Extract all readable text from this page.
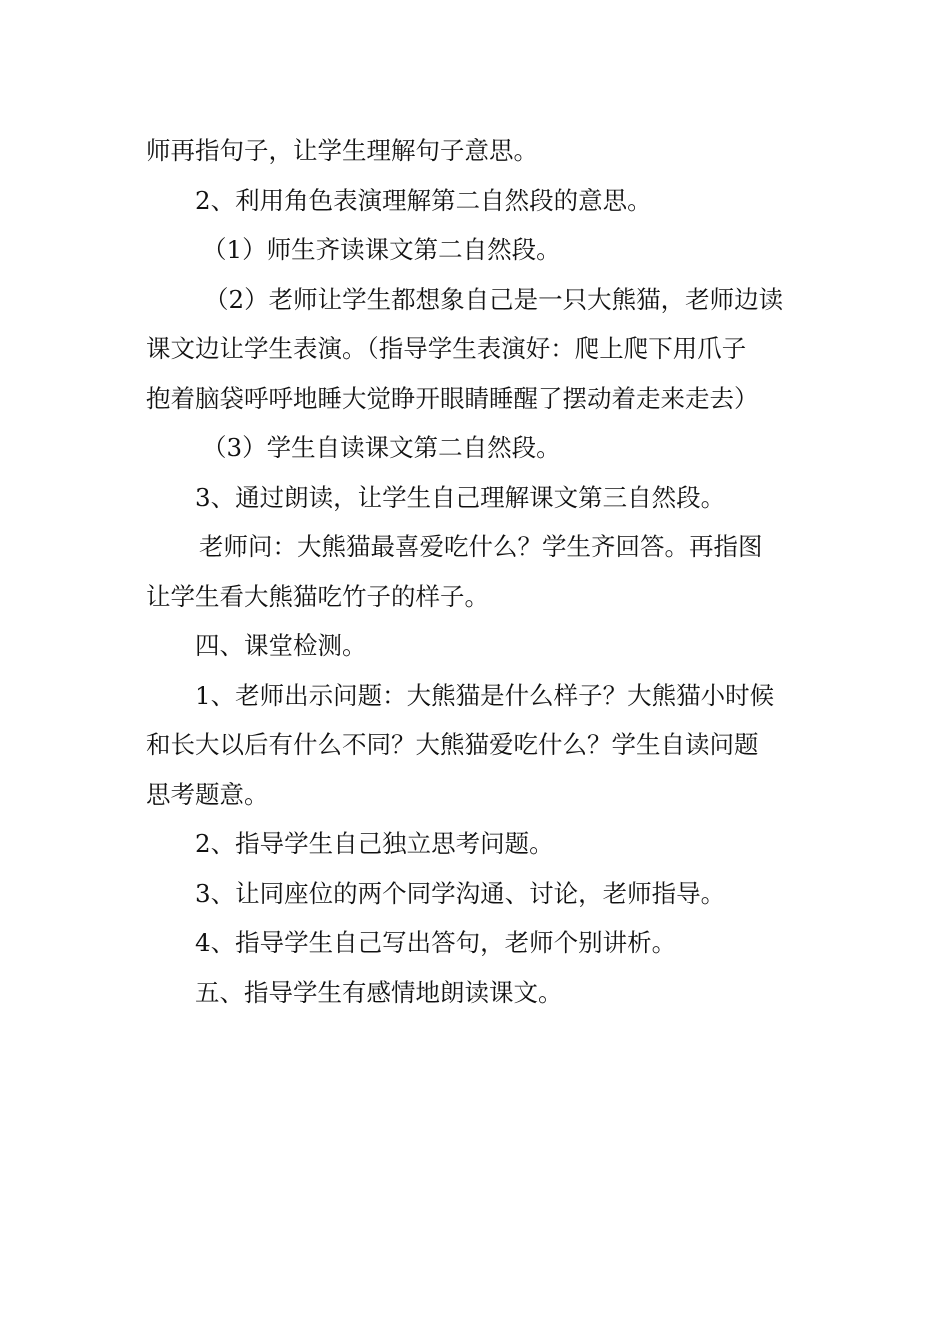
师再指句子，让学生理解句子意思。
2、利用角色表演理解第二自然段的意思。
（1）师生齐读课文第二自然段。
（2）老师让学生都想象自己是一只大熊猫，老师边读
课文边让学生表演。（指导学生表演好：爬上爬下用爪子
抱着脑袋呼呼地睡大觉睁开眼睛睡醒了摆动着走来走去）
（3）学生自读课文第二自然段。
3、通过朗读，让学生自己理解课文第三自然段。
老师问：大熊猫最喜爱吃什么？学生齐回答。再指图
让学生看大熊猫吃竹子的样子。
四、课堂检测。
1、老师出示问题：大熊猫是什么样子？大熊猫小时候
和长大以后有什么不同？大熊猫爱吃什么？学生自读问题
思考题意。
2、指导学生自己独立思考问题。
3、让同座位的两个同学沟通、讨论，老师指导。
4、指导学生自己写出答句，老师个别讲析。
五、指导学生有感情地朗读课文。
